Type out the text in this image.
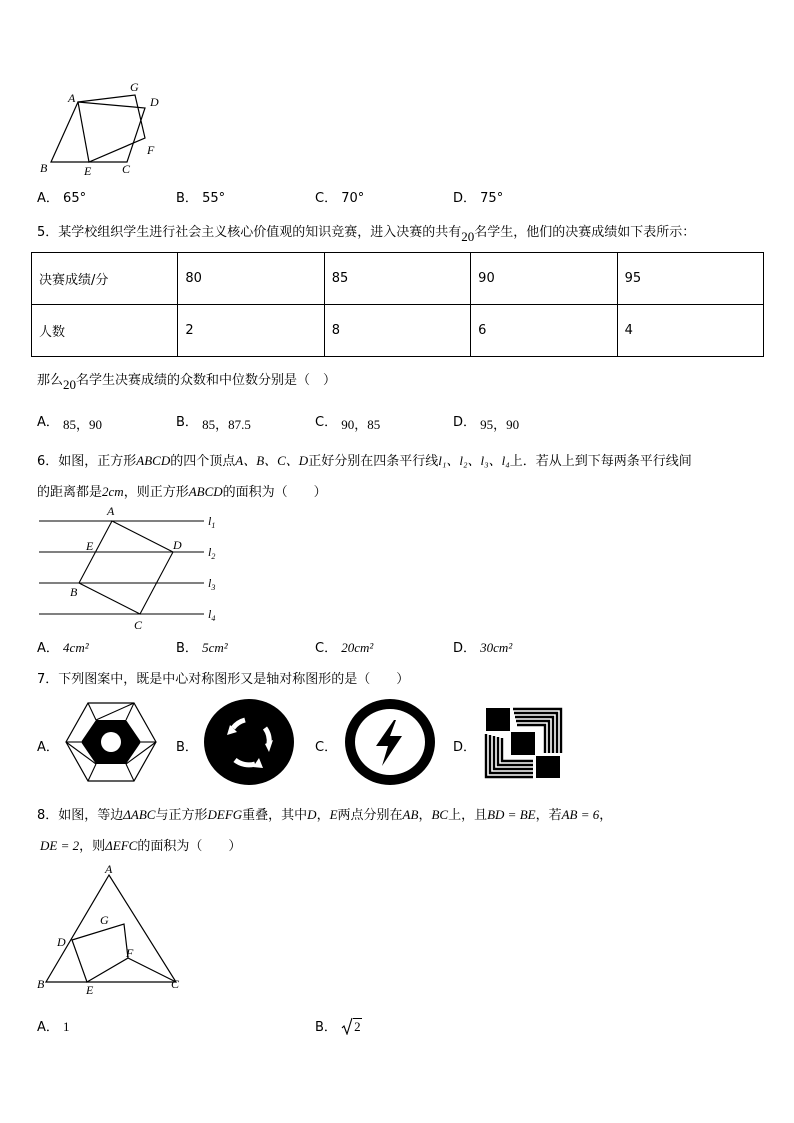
A
G
D
B	E	C
F
A． 65°	B． 55°	C． 70°	D． 75°
5．某学校组织学生进行社会主义核心价值观的知识竞赛，进入决赛的共有20名学生，他们的决赛成绩如下表所示：
决赛成绩/分	80	85	90	95
人数	2	8	6	4
那么20名学生决赛成绩的众数和中位数分别是（　）
A． 85，90	B． 85，87.5	C． 90，85	D． 95，90
6．如图，正方形ABCD的四个顶点A、B、C、D正好分别在四条平行线l₁、l₂、l₃、l₄上．若从上到下每两条平行线间
的距离都是2cm，则正方形ABCD的面积为（　　）
A
E	D
B
C
$l_1$
$l_2$
$l_3$
$l_4$
A． 4cm²	B． 5cm²	C． 20cm²	D． 30cm²
7．下列图案中，既是中心对称图形又是轴对称图形的是（　　）
A．	B．	C．	D．
8．如图，等边ΔABC与正方形DEFG重叠，其中D，E两点分别在AB，BC上，且BD = BE，若AB = 6，
DE = 2，则ΔEFC的面积为（　　）
A
G
D
F
B	E	C
A． 1	B． 2
